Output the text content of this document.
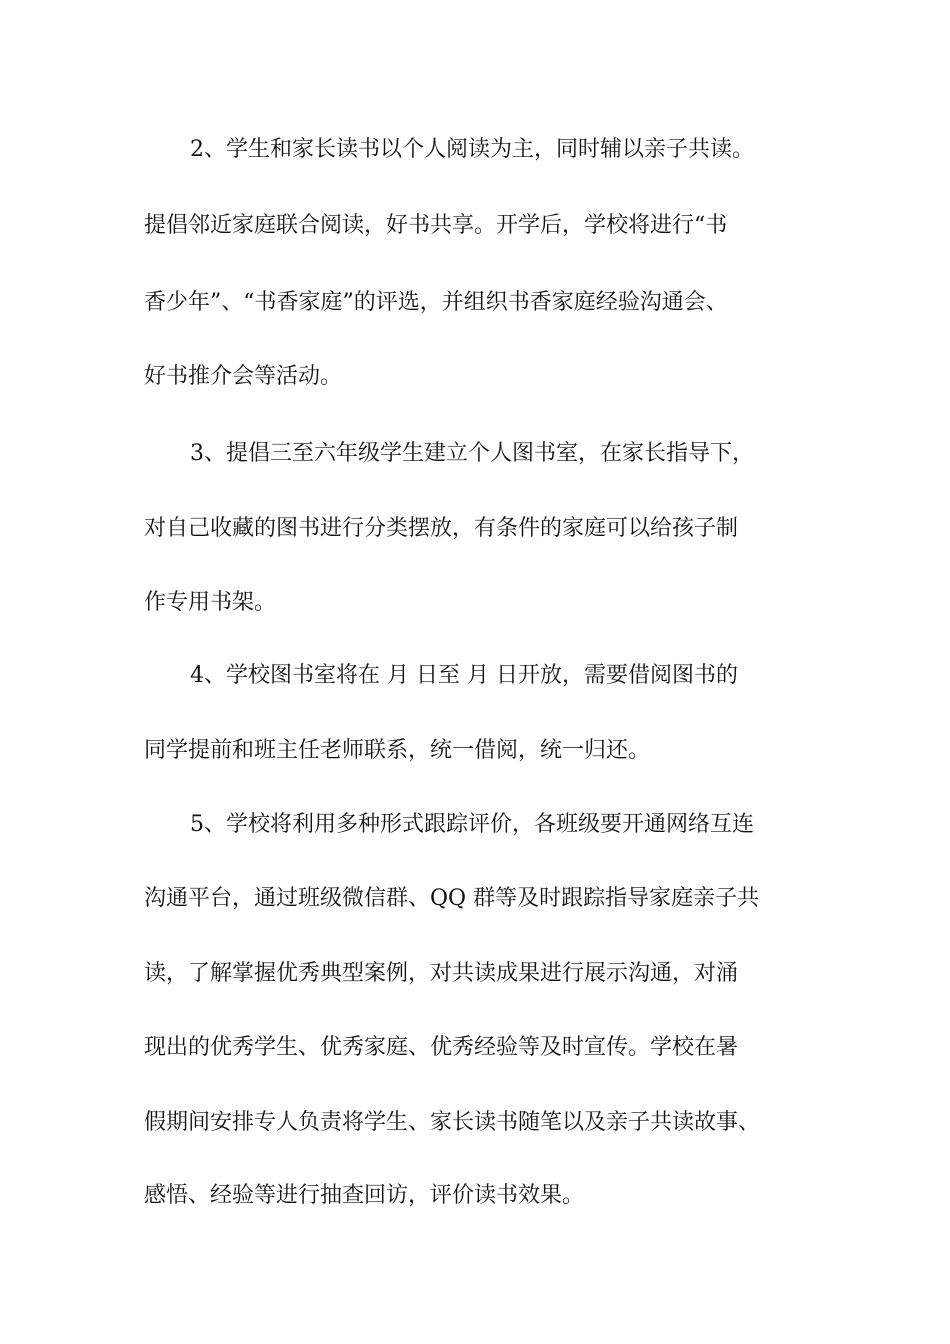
2、学生和家长读书以个人阅读为主，同时辅以亲子共读。
提倡邻近家庭联合阅读，好书共享。开学后，学校将进行“书
香少年”、“书香家庭”的评选，并组织书香家庭经验沟通会、
好书推介会等活动。
3、提倡三至六年级学生建立个人图书室，在家长指导下，
对自己收藏的图书进行分类摆放，有条件的家庭可以给孩子制
作专用书架。
4、学校图书室将在 月 日至 月 日开放，需要借阅图书的
同学提前和班主任老师联系，统一借阅，统一归还。
5、学校将利用多种形式跟踪评价，各班级要开通网络互连
沟通平台，通过班级微信群、QQ 群等及时跟踪指导家庭亲子共
读，了解掌握优秀典型案例，对共读成果进行展示沟通，对涌
现出的优秀学生、优秀家庭、优秀经验等及时宣传。学校在暑
假期间安排专人负责将学生、家长读书随笔以及亲子共读故事、
感悟、经验等进行抽查回访，评价读书效果。
